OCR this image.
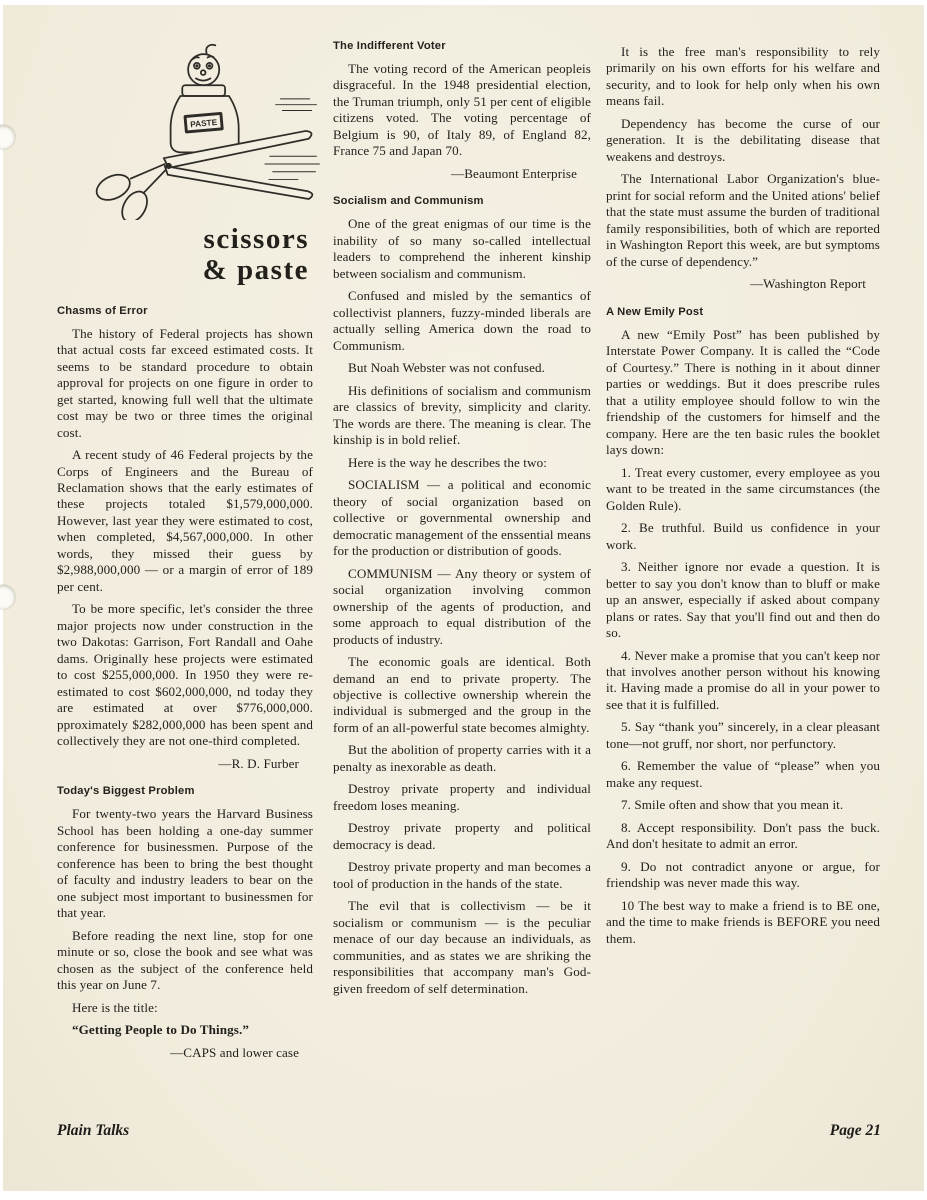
PASTE
scissors
& paste
Chasms of Error

The history of Federal projects has shown that actual costs far exceed estimated costs. It seems to be standard procedure to obtain approval for projects on one figure in order to get started, knowing full well that the ultimate cost may be two or three times the original cost.

A recent study of 46 Federal projects by the Corps of Engineers and the Bureau of Reclamation shows that the early estimates of these projects totaled $1,579,000,000. However, last year they were estimated to cost, when completed, $4,567,000,000. In other words, they missed their guess by $2,988,000,000 — or a margin of error of 189 per cent.

To be more specific, let's consider the three major projects now under construction in the two Dakotas: Garrison, Fort Randall and Oahe dams. Originally hese projects were estimated to cost $255,000,000. In 1950 they were re-estimated to cost $602,000,000, nd today they are estimated at over $776,000,000. pproximately $282,000,000 has been spent and collectively they are not one-third completed.

—R. D. Furber

Today's Biggest Problem

For twenty-two years the Harvard Business School has been holding a one-day summer conference for businessmen. Purpose of the conference has been to bring the best thought of faculty and industry leaders to bear on the one subject most important to businessmen for that year.

Before reading the next line, stop for one minute or so, close the book and see what was chosen as the subject of the conference held this year on June 7.

Here is the title:

“Getting People to Do Things.”

—CAPS and lower case

The Indifferent Voter

The voting record of the American peopleis disgraceful. In the 1948 presidential election, the Truman triumph, only 51 per cent of eligible citizens voted. The voting percentage of Belgium is 90, of Italy 89, of England 82, France 75 and Japan 70.

—Beaumont Enterprise

Socialism and Communism

One of the great enigmas of our time is the inability of so many so-called intellectual leaders to comprehend the inherent kinship between socialism and communism.

Confused and misled by the semantics of collectivist planners, fuzzy-minded liberals are actually selling America down the road to Communism.

But Noah Webster was not confused.

His definitions of socialism and communism are classics of brevity, simplicity and clarity. The words are there. The meaning is clear. The kinship is in bold relief.

Here is the way he describes the two:

SOCIALISM — a political and economic theory of social organization based on collective or governmental ownership and democratic management of the enssential means for the production or distribution of goods.

COMMUNISM — Any theory or system of social organization involving common ownership of the agents of production, and some approach to equal distribution of the products of industry.

The economic goals are identical. Both demand an end to private property. The objective is collective ownership wherein the individual is submerged and the group in the form of an all-powerful state becomes almighty.

But the abolition of property carries with it a penalty as inexorable as death.

Destroy private property and individual freedom loses meaning.

Destroy private property and political democracy is dead.

Destroy private property and man becomes a tool of production in the hands of the state.

The evil that is collectivism — be it socialism or communism — is the peculiar menace of our day because an individuals, as communities, and as states we are shriking the responsibilities that accompany man's God-given freedom of self determination.

It is the free man's responsibility to rely primarily on his own efforts for his welfare and security, and to look for help only when his own means fail.

Dependency has become the curse of our generation. It is the debilitating disease that weakens and destroys.

The International Labor Organization's blue-print for social reform and the United ations' belief that the state must assume the burden of traditional family responsibilities, both of which are reported in Washington Report this week, are but symptoms of the curse of dependency.”

—Washington Report

A New Emily Post

A new “Emily Post” has been published by Interstate Power Company. It is called the “Code of Courtesy.” There is nothing in it about dinner parties or weddings. But it does prescribe rules that a utility employee should follow to win the friendship of the customers for himself and the company. Here are the ten basic rules the booklet lays down:

1. Treat every customer, every employee as you want to be treated in the same circumstances (the Golden Rule).

2. Be truthful. Build us confidence in your work.

3. Neither ignore nor evade a question. It is better to say you don't know than to bluff or make up an answer, especially if asked about company plans or rates. Say that you'll find out and then do so.

4. Never make a promise that you can't keep nor that involves another person without his knowing it. Having made a promise do all in your power to see that it is fulfilled.

5. Say “thank you” sincerely, in a clear pleasant tone—not gruff, nor short, nor perfunctory.

6. Remember the value of “please” when you make any request.

7. Smile often and show that you mean it.

8. Accept responsibility. Don't pass the buck. And don't hesitate to admit an error.

9. Do not contradict anyone or argue, for friendship was never made this way.

10 The best way to make a friend is to BE one, and the time to make friends is BEFORE you need them.

Plain Talks	Page 21
